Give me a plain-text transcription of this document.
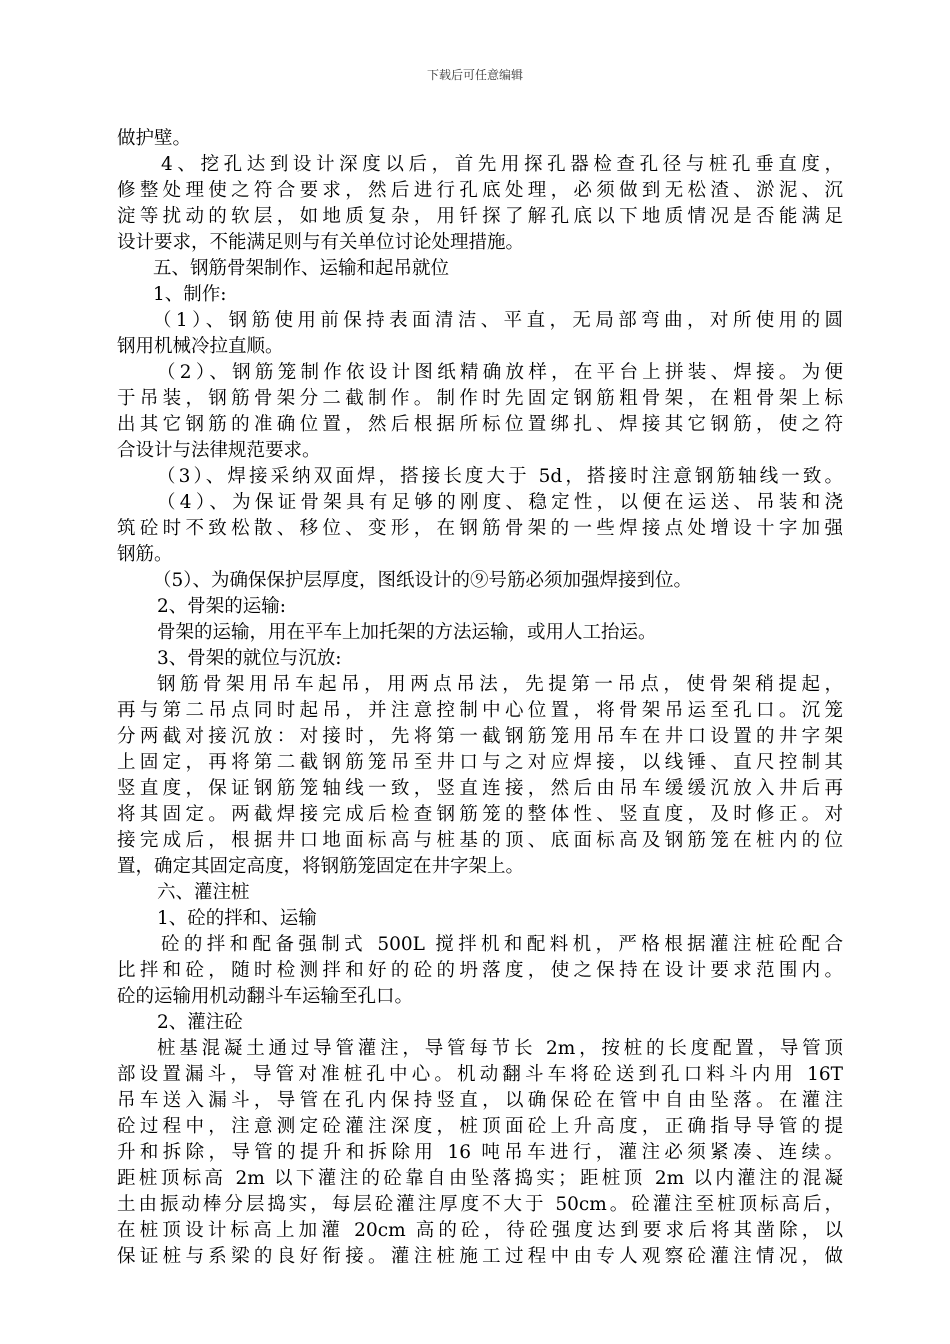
下载后可任意编辑
做护壁。
4、挖孔达到设计深度以后，首先用探孔器检查孔径与桩孔垂直度，
修整处理使之符合要求，然后进行孔底处理，必须做到无松渣、淤泥、沉
淀等扰动的软层，如地质复杂，用钎探了解孔底以下地质情况是否能满足
设计要求，不能满足则与有关单位讨论处理措施。
五、钢筋骨架制作、运输和起吊就位
1、制作:
（1）、钢筋使用前保持表面清洁、平直，无局部弯曲，对所使用的圆
钢用机械冷拉直顺。
（2）、钢筋笼制作依设计图纸精确放样，在平台上拼装、焊接。为便
于吊装，钢筋骨架分二截制作。制作时先固定钢筋粗骨架，在粗骨架上标
出其它钢筋的准确位置，然后根据所标位置绑扎、焊接其它钢筋，使之符
合设计与法律规范要求。
（3）、焊接采纳双面焊，搭接长度大于 5d，搭接时注意钢筋轴线一致。
（4）、为保证骨架具有足够的刚度、稳定性，以便在运送、吊装和浇
筑砼时不致松散、移位、变形，在钢筋骨架的一些焊接点处增设十字加强
钢筋。
（5）、为确保保护层厚度，图纸设计的⑨号筋必须加强焊接到位。
2、骨架的运输:
骨架的运输，用在平车上加托架的方法运输，或用人工抬运。
3、骨架的就位与沉放:
钢筋骨架用吊车起吊，用两点吊法，先提第一吊点，使骨架稍提起，
再与第二吊点同时起吊，并注意控制中心位置，将骨架吊运至孔口。沉笼
分两截对接沉放：对接时，先将第一截钢筋笼用吊车在井口设置的井字架
上固定，再将第二截钢筋笼吊至井口与之对应焊接，以线锤、直尺控制其
竖直度，保证钢筋笼轴线一致，竖直连接，然后由吊车缓缓沉放入井后再
将其固定。两截焊接完成后检查钢筋笼的整体性、竖直度，及时修正。对
接完成后，根据井口地面标高与桩基的顶、底面标高及钢筋笼在桩内的位
置，确定其固定高度，将钢筋笼固定在井字架上。
六、灌注桩
1、砼的拌和、运输
砼的拌和配备强制式 500L 搅拌机和配料机，严格根据灌注桩砼配合
比拌和砼，随时检测拌和好的砼的坍落度，使之保持在设计要求范围内。
砼的运输用机动翻斗车运输至孔口。
2、灌注砼
桩基混凝土通过导管灌注，导管每节长 2m，按桩的长度配置，导管顶
部设置漏斗，导管对准桩孔中心。机动翻斗车将砼送到孔口料斗内用 16T
吊车送入漏斗，导管在孔内保持竖直，以确保砼在管中自由坠落。在灌注
砼过程中，注意测定砼灌注深度，桩顶面砼上升高度，正确指导导管的提
升和拆除，导管的提升和拆除用 16 吨吊车进行，灌注必须紧凑、连续。
距桩顶标高 2m 以下灌注的砼靠自由坠落捣实；距桩顶 2m 以内灌注的混凝
土由振动棒分层捣实，每层砼灌注厚度不大于 50cm。砼灌注至桩顶标高后，
在桩顶设计标高上加灌 20cm 高的砼，待砼强度达到要求后将其凿除，以
保证桩与系梁的良好衔接。灌注桩施工过程中由专人观察砼灌注情况，做
